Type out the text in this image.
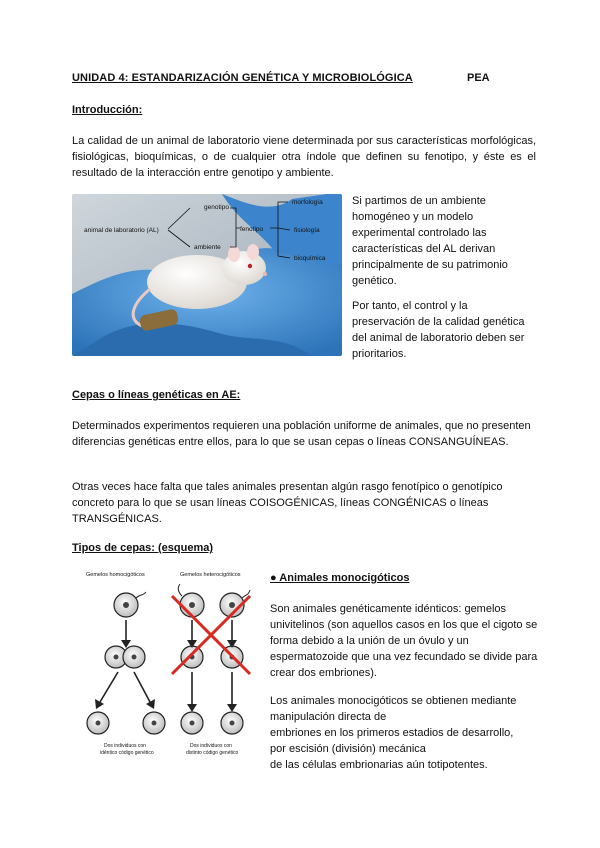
UNIDAD 4: ESTANDARIZACIÓN GENÉTICA Y MICROBIOLÓGICA	PEA
Introducción:
La calidad de un animal de laboratorio viene determinada por sus características morfológicas, fisiológicas, bioquímicas, o de cualquier otra índole que definen su fenotipo, y éste es el resultado de la interacción entre genotipo y ambiente.
animal de laboratorio (AL)
genotipo
ambiente
fenotipo
morfología
fisiología
bioquímica
Si partimos de un ambiente homogéneo y un modelo experimental controlado las características del AL derivan principalmente de su patrimonio genético.
Por tanto, el control y la preservación de la calidad genética del animal de laboratorio deben ser prioritarios.
Cepas o líneas genéticas en AE:
Determinados experimentos requieren una población uniforme de animales, que no presenten diferencias genéticas entre ellos, para lo que se usan cepas o líneas CONSANGUÍNEAS.
Otras veces hace falta que tales animales presentan algún rasgo fenotípico o genotípico concreto para lo que se usan líneas COISOGÉNICAS, líneas CONGÉNICAS o líneas TRANSGÉNICAS.
Tipos de cepas: (esquema)
Gemelos homocigóticos	Gemelos heterocigóticos
Dos individuos con
idéntico código genético
Dos individuos con
distinto código genético
● Animales monocigóticos
Son animales genéticamente idénticos: gemelos univitelinos (son aquellos casos en los que el cigoto se forma debido a la unión de un óvulo y un espermatozoide que una vez fecundado se divide para crear dos embriones).
Los animales monocigóticos se obtienen mediante
manipulación directa de
embriones en los primeros estadios de desarrollo,
por escisión (división) mecánica
de las células embrionarias aún totipotentes.
